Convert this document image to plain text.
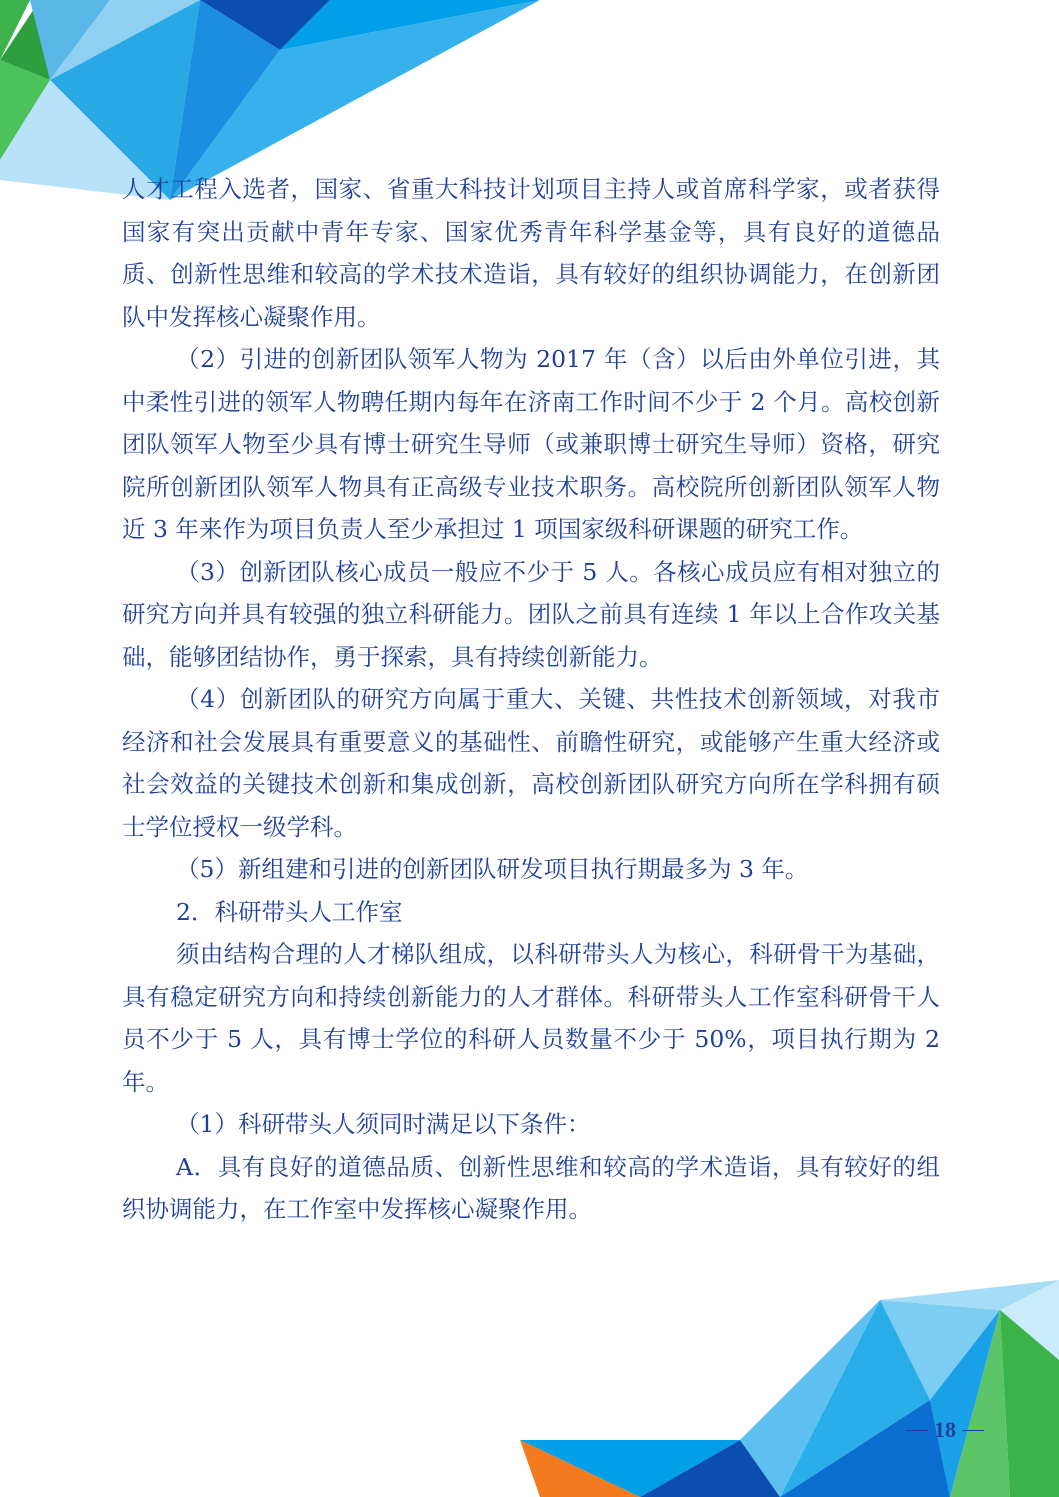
人才工程入选者，国家、省重大科技计划项目主持人或首席科学家，或者获得国家有突出贡献中青年专家、国家优秀青年科学基金等，具有良好的道德品质、创新性思维和较高的学术技术造诣，具有较好的组织协调能力，在创新团队中发挥核心凝聚作用。

（2）引进的创新团队领军人物为 2017 年（含）以后由外单位引进，其中柔性引进的领军人物聘任期内每年在济南工作时间不少于 2 个月。高校创新团队领军人物至少具有博士研究生导师（或兼职博士研究生导师）资格，研究院所创新团队领军人物具有正高级专业技术职务。高校院所创新团队领军人物近 3 年来作为项目负责人至少承担过 1 项国家级科研课题的研究工作。

（3）创新团队核心成员一般应不少于 5 人。各核心成员应有相对独立的研究方向并具有较强的独立科研能力。团队之前具有连续 1 年以上合作攻关基础，能够团结协作，勇于探索，具有持续创新能力。

（4）创新团队的研究方向属于重大、关键、共性技术创新领域，对我市经济和社会发展具有重要意义的基础性、前瞻性研究，或能够产生重大经济或社会效益的关键技术创新和集成创新，高校创新团队研究方向所在学科拥有硕士学位授权一级学科。

（5）新组建和引进的创新团队研发项目执行期最多为 3 年。

2．科研带头人工作室

须由结构合理的人才梯队组成，以科研带头人为核心，科研骨干为基础，具有稳定研究方向和持续创新能力的人才群体。科研带头人工作室科研骨干人员不少于 5 人，具有博士学位的科研人员数量不少于 50%，项目执行期为 2 年。

（1）科研带头人须同时满足以下条件：

A．具有良好的道德品质、创新性思维和较高的学术造诣，具有较好的组织协调能力，在工作室中发挥核心凝聚作用。

18
